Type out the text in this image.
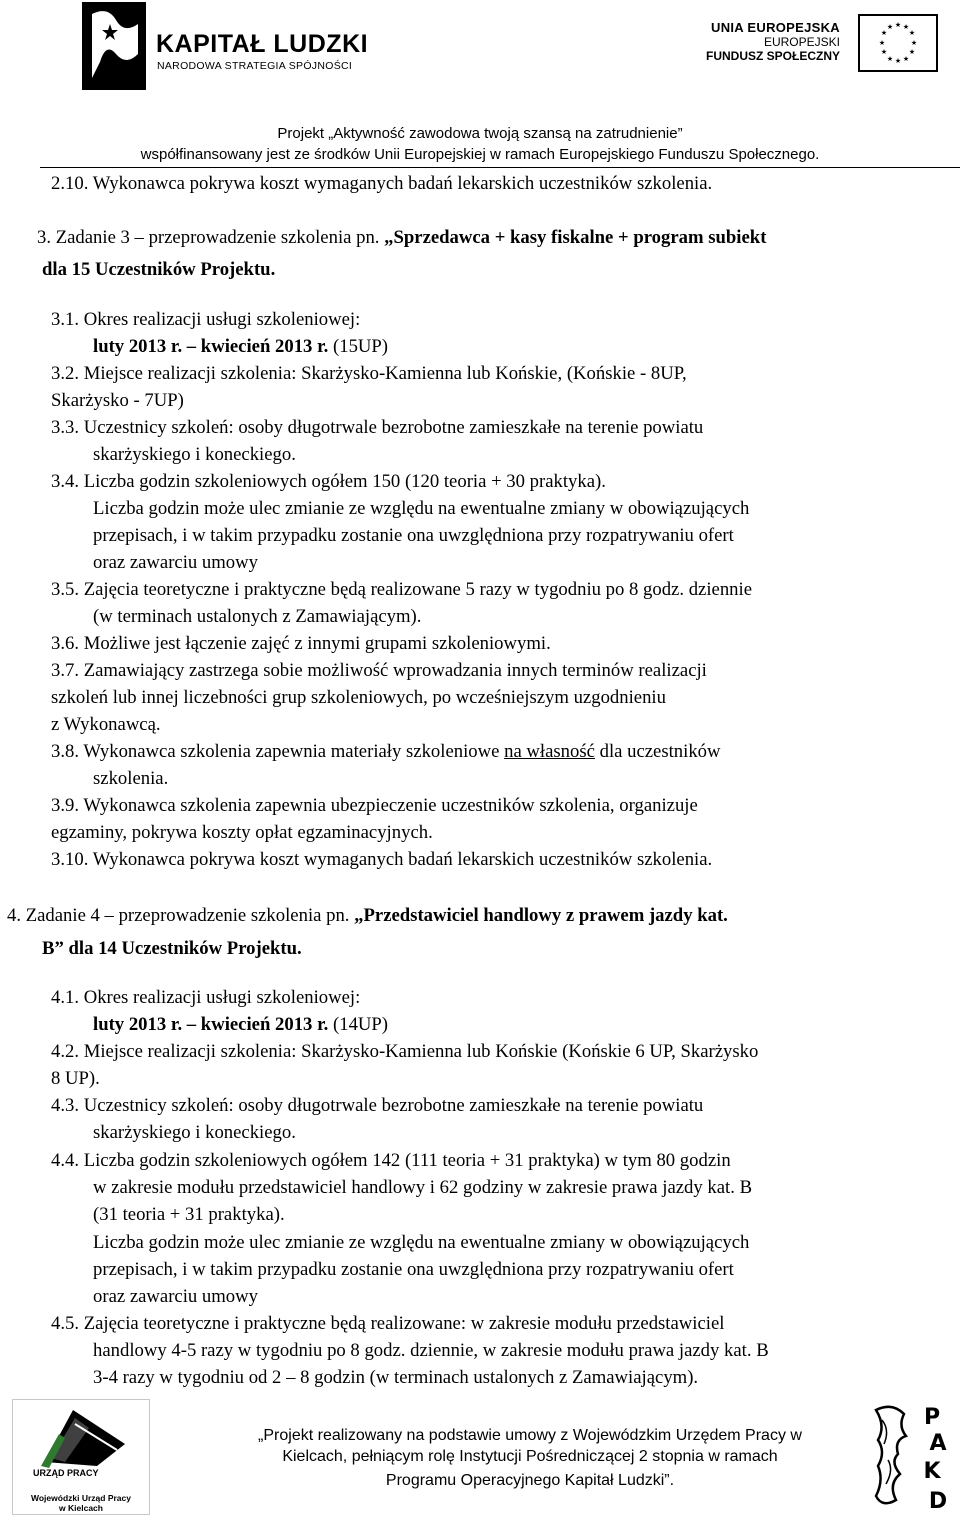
KAPITAŁ LUDZKI
NARODOWA STRATEGIA SPÓJNOŚCI
UNIA EUROPEJSKA
EUROPEJSKI
FUNDUSZ SPOŁECZNY
★ ★
★
★
★
★
★
★
★
★
★
★
Projekt „Aktywność zawodowa twoją szansą na zatrudnienie”
współfinansowany jest ze środków Unii Europejskiej w ramach Europejskiego Funduszu Społecznego.
2.10. Wykonawca pokrywa koszt wymaganych badań lekarskich uczestników szkolenia.
3. Zadanie 3 – przeprowadzenie szkolenia pn. „Sprzedawca + kasy fiskalne + program subiekt
dla 15 Uczestników Projektu.
3.1. Okres realizacji usługi szkoleniowej:
luty 2013 r. – kwiecień 2013 r. (15UP)
3.2. Miejsce realizacji szkolenia: Skarżysko-Kamienna lub Końskie, (Końskie - 8UP,
Skarżysko - 7UP)
3.3. Uczestnicy szkoleń: osoby długotrwale bezrobotne zamieszkałe na terenie powiatu
skarżyskiego i koneckiego.
3.4. Liczba godzin szkoleniowych ogółem 150 (120 teoria + 30 praktyka).
Liczba godzin może ulec zmianie ze względu na ewentualne zmiany w obowiązujących
przepisach, i w takim przypadku zostanie ona uwzględniona przy rozpatrywaniu ofert
oraz zawarciu umowy
3.5. Zajęcia teoretyczne i praktyczne będą realizowane 5 razy w tygodniu po 8 godz. dziennie
(w terminach ustalonych z Zamawiającym).
3.6. Możliwe jest łączenie zajęć z innymi grupami szkoleniowymi.
3.7. Zamawiający zastrzega sobie możliwość wprowadzania innych terminów realizacji
szkoleń lub innej liczebności grup szkoleniowych, po wcześniejszym uzgodnieniu
z Wykonawcą.
3.8. Wykonawca szkolenia zapewnia materiały szkoleniowe na własność dla uczestników
szkolenia.
3.9. Wykonawca szkolenia zapewnia ubezpieczenie uczestników szkolenia, organizuje
egzaminy, pokrywa koszty opłat egzaminacyjnych.
3.10. Wykonawca pokrywa koszt wymaganych badań lekarskich uczestników szkolenia.
4. Zadanie 4 – przeprowadzenie szkolenia pn. „Przedstawiciel handlowy z prawem jazdy kat.
B” dla 14 Uczestników Projektu.
4.1. Okres realizacji usługi szkoleniowej:
luty 2013 r. – kwiecień 2013 r. (14UP)
4.2. Miejsce realizacji szkolenia: Skarżysko-Kamienna lub Końskie (Końskie 6 UP, Skarżysko
8 UP).
4.3. Uczestnicy szkoleń: osoby długotrwale bezrobotne zamieszkałe na terenie powiatu
skarżyskiego i koneckiego.
4.4. Liczba godzin szkoleniowych ogółem 142 (111 teoria + 31 praktyka) w tym 80 godzin
w zakresie modułu przedstawiciel handlowy i 62 godziny w zakresie prawa jazdy kat. B
(31 teoria + 31 praktyka).
Liczba godzin może ulec zmianie ze względu na ewentualne zmiany w obowiązujących
przepisach, i w takim przypadku zostanie ona uwzględniona przy rozpatrywaniu ofert
oraz zawarciu umowy
4.5. Zajęcia teoretyczne i praktyczne będą realizowane: w zakresie modułu przedstawiciel
handlowy 4-5 razy w tygodniu po 8 godz. dziennie, w zakresie modułu prawa jazdy kat. B
3-4 razy w tygodniu od 2 – 8 godzin (w terminach ustalonych z Zamawiającym).
URZĄD PRACY
Wojewódzki Urząd Pracy
w Kielcach
„Projekt realizowany na podstawie umowy z Wojewódzkim Urzędem Pracy w
Kielcach, pełniącym rolę Instytucji Pośredniczącej 2 stopnia w ramach
Programu Operacyjnego Kapitał Ludzki”.
P
A
K
D
